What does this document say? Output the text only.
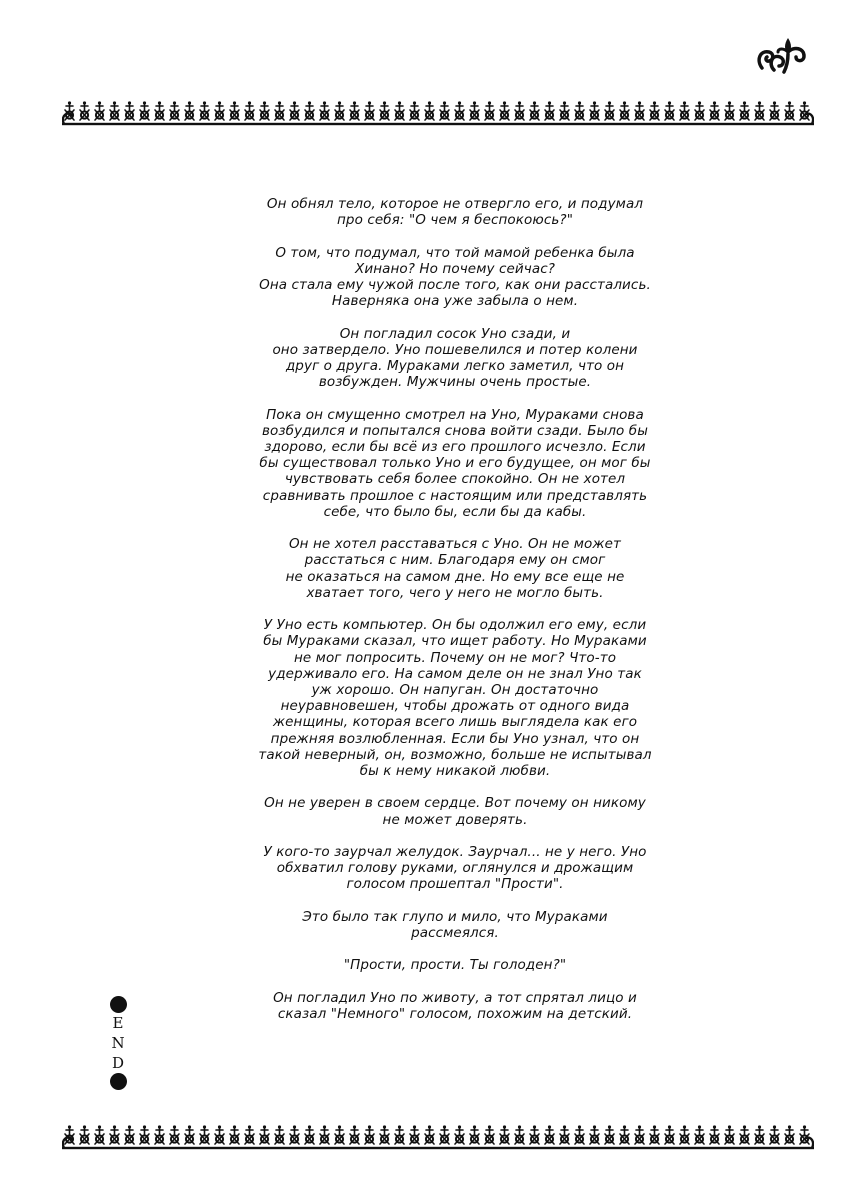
Он обнял тело, которое не отвергло его, и подумал
про себя: "О чем я беспокоюсь?"

О том, что подумал, что той мамой ребенка была
Хинано? Но почему сейчас?
Она стала ему чужой после того, как они расстались.
Наверняка она уже забыла о нем.

Он погладил сосок Уно сзади, и
оно затвердело. Уно пошевелился и потер колени
друг о друга. Мураками легко заметил, что он
возбужден. Мужчины очень простые.

Пока он смущенно смотрел на Уно, Мураками снова
возбудился и попытался снова войти сзади. Было бы
здорово, если бы всё из его прошлого исчезло. Если
бы существовал только Уно и его будущее, он мог бы
чувствовать себя более спокойно. Он не хотел
сравнивать прошлое с настоящим или представлять
себе, что было бы, если бы да кабы.

Он не хотел расставаться с Уно. Он не может
расстаться с ним. Благодаря ему он смог
не оказаться на самом дне. Но ему все еще не
хватает того, чего у него не могло быть.

У Уно есть компьютер. Он бы одолжил его ему, если
бы Мураками сказал, что ищет работу. Но Мураками
не мог попросить. Почему он не мог? Что-то
удерживало его. На самом деле он не знал Уно так
уж хорошо. Он напуган. Он достаточно
неуравновешен, чтобы дрожать от одного вида
женщины, которая всего лишь выглядела как его
прежняя возлюбленная. Если бы Уно узнал, что он
такой неверный, он, возможно, больше не испытывал
бы к нему никакой любви.

Он не уверен в своем сердце. Вот почему он никому
не может доверять.

У кого-то заурчал желудок. Заурчал... не у него. Уно
обхватил голову руками, оглянулся и дрожащим
голосом прошептал "Прости".

Это было так глупо и мило, что Мураками
рассмеялся.

"Прости, прости. Ты голоден?"

Он погладил Уно по животу, а тот спрятал лицо и
сказал "Немного" голосом, похожим на детский.

E
N
D
